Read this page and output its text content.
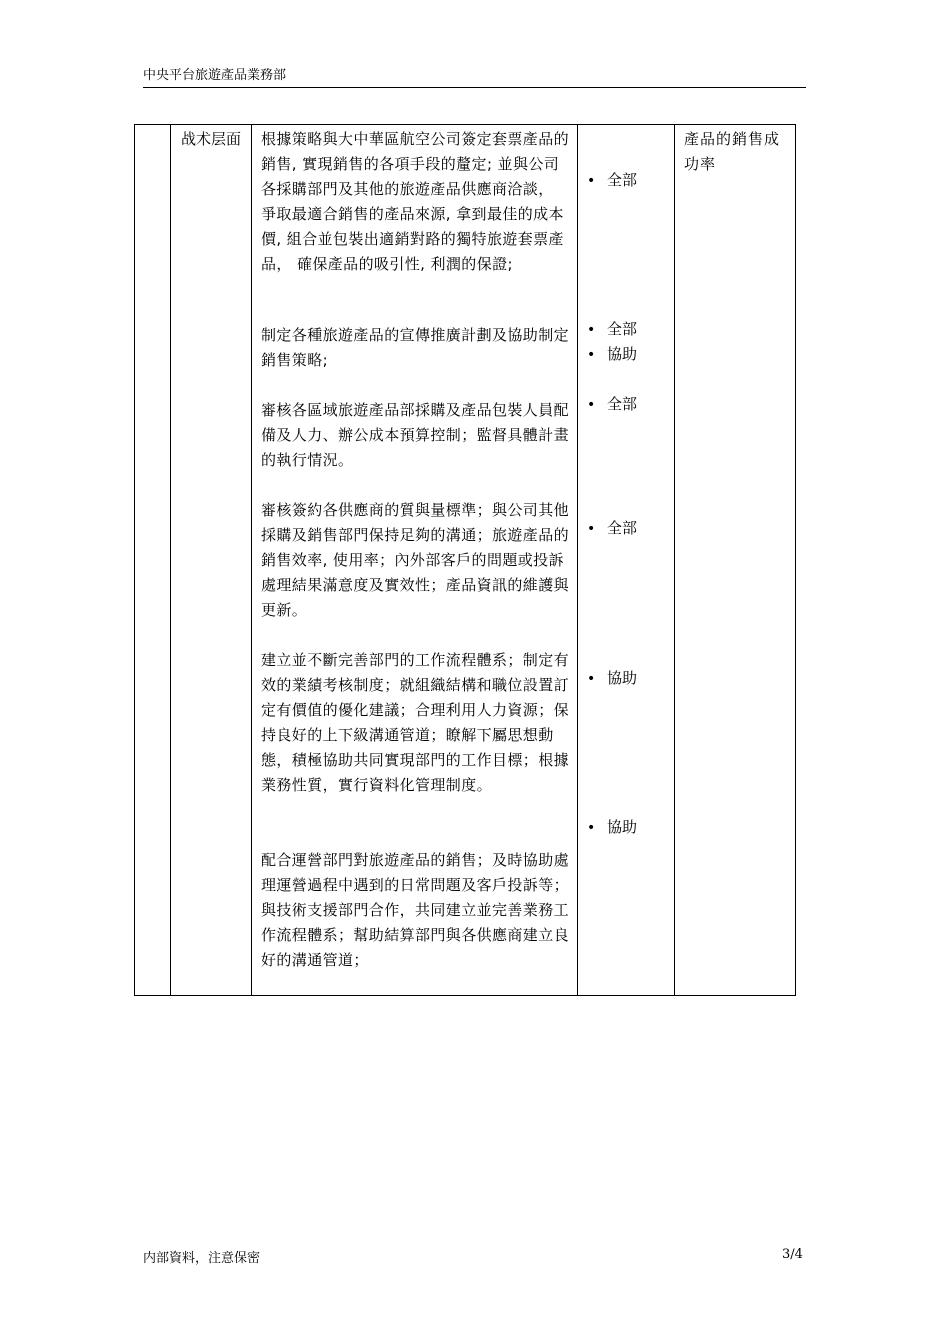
中央平台旅遊產品業務部
战术层面 根據策略與大中華區航空公司簽定套票產品的銷售, 實現銷售的各項手段的釐定; 並與公司各採購部門及其他的旅遊產品供應商洽談， 爭取最適合銷售的產品來源, 拿到最佳的成本價, 組合並包裝出適銷對路的獨特旅遊套票產品， 確保產品的吸引性, 利潤的保證;
制定各種旅遊產品的宣傳推廣計劃及協助制定銷售策略;
審核各區域旅遊產品部採購及產品包裝人員配備及人力、辦公成本預算控制；監督具體計畫的執行情況。
審核簽約各供應商的質與量標準；與公司其他採購及銷售部門保持足夠的溝通；旅遊產品的銷售效率, 使用率；內外部客戶的問題或投訴處理結果滿意度及實效性；產品資訊的維護與更新。
建立並不斷完善部門的工作流程體系；制定有效的業績考核制度；就組織結構和職位設置訂定有價值的優化建議；合理利用人力資源；保持良好的上下級溝通管道；瞭解下屬思想動態，積極協助共同實現部門的工作目標；根據業務性質，實行資料化管理制度。
配合運營部門對旅遊產品的銷售；及時協助處理運營過程中遇到的日常問題及客戶投訴等；與技術支援部門合作，共同建立並完善業務工作流程體系；幫助結算部門與各供應商建立良好的溝通管道；
• 全部
• 全部
• 協助
• 全部
• 全部
• 協助
• 協助
產品的銷售成功率
内部資料，注意保密	3/4
